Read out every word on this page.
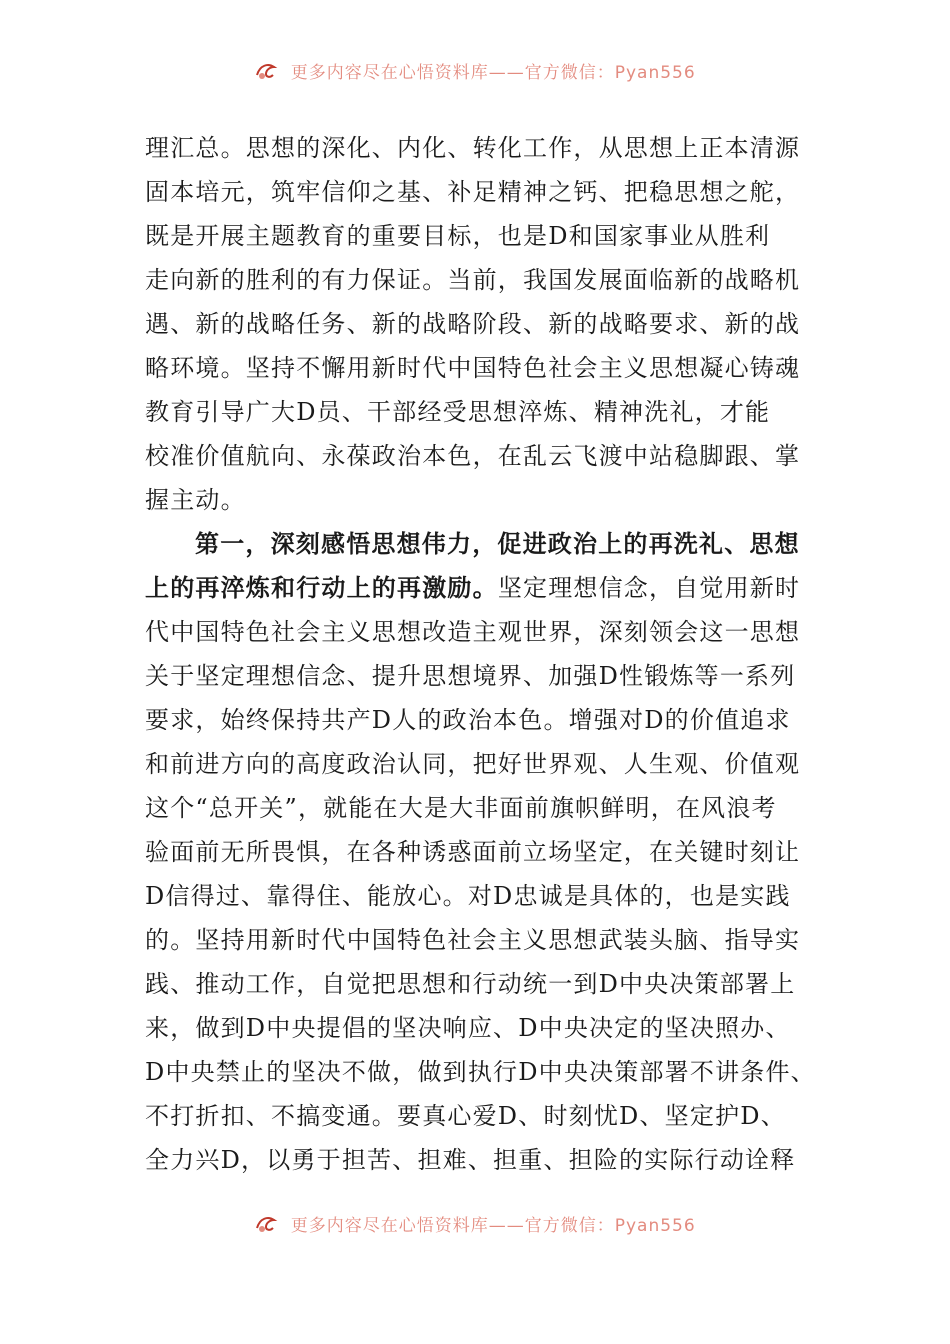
更多内容尽在心悟资料库——官方微信：Pyan556
理汇总。思想的深化、内化、转化工作，从思想上正本清源
固本培元，筑牢信仰之基、补足精神之钙、把稳思想之舵，
既是开展主题教育的重要目标，也是D和国家事业从胜利
走向新的胜利的有力保证。当前，我国发展面临新的战略机
遇、新的战略任务、新的战略阶段、新的战略要求、新的战
略环境。坚持不懈用新时代中国特色社会主义思想凝心铸魂
教育引导广大D员、干部经受思想淬炼、精神洗礼，才能
校准价值航向、永葆政治本色，在乱云飞渡中站稳脚跟、掌
握主动。
第一，深刻感悟思想伟力，促进政治上的再洗礼、思想
上的再淬炼和行动上的再激励。坚定理想信念，自觉用新时
代中国特色社会主义思想改造主观世界，深刻领会这一思想
关于坚定理想信念、提升思想境界、加强D性锻炼等一系列
要求，始终保持共产D人的政治本色。增强对D的价值追求
和前进方向的高度政治认同，把好世界观、人生观、价值观
这个“总开关”，就能在大是大非面前旗帜鲜明，在风浪考
验面前无所畏惧，在各种诱惑面前立场坚定，在关键时刻让
D信得过、靠得住、能放心。对D忠诚是具体的，也是实践
的。坚持用新时代中国特色社会主义思想武装头脑、指导实
践、推动工作，自觉把思想和行动统一到D中央决策部署上
来，做到D中央提倡的坚决响应、D中央决定的坚决照办、
D中央禁止的坚决不做，做到执行D中央决策部署不讲条件、
不打折扣、不搞变通。要真心爱D、时刻忧D、坚定护D、
全力兴D，以勇于担苦、担难、担重、担险的实际行动诠释
更多内容尽在心悟资料库——官方微信：Pyan556
